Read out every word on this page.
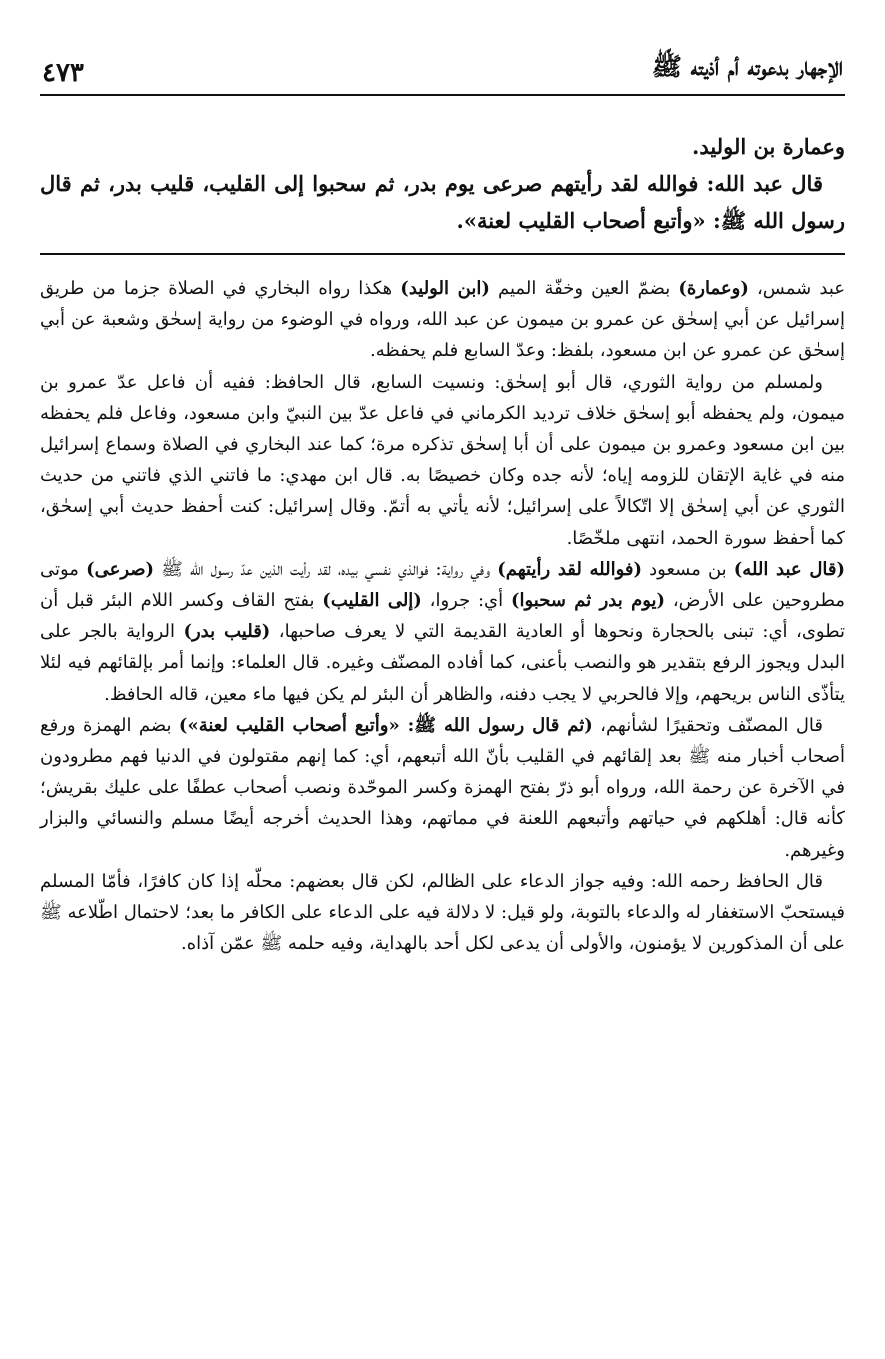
الإجهار بدعوته أم أذيته ﷺ
٤٧٣

وعمارة بن الوليد.

قال عبد الله: فوالله لقد رأيتهم صرعى يوم بدر، ثم سحبوا إلى القليب، قليب بدر، ثم قال رسول الله ﷺ: «وأتبع أصحاب القليب لعنة».

عبد شمس، (وعمارة) بضمّ العين وخفّة الميم (ابن الوليد) هكذا رواه البخاري في الصلاة جزما من طريق إسرائيل عن أبي إسحٰق عن عمرو بن ميمون عن عبد الله، ورواه في الوضوء من رواية إسحٰق وشعبة عن أبي إسحٰق عن عمرو عن ابن مسعود، بلفظ: وعدّ السابع فلم يحفظه.

ولمسلم من رواية الثوري، قال أبو إسحٰق: ونسيت السابع، قال الحافظ: ففيه أن فاعل عدّ عمرو بن ميمون، ولم يحفظه أبو إسحٰق خلاف ترديد الكرماني في فاعل عدّ بين النبيّ وابن مسعود، وفاعل فلم يحفظه بين ابن مسعود وعمرو بن ميمون على أن أبا إسحٰق تذكره مرة؛ كما عند البخاري في الصلاة وسماع إسرائيل منه في غاية الإتقان للزومه إياه؛ لأنه جده وكان خصيصًا به. قال ابن مهدي: ما فاتني الذي فاتني من حديث الثوري عن أبي إسحٰق إلا اتّكالاً على إسرائيل؛ لأنه يأتي به أتمّ. وقال إسرائيل: كنت أحفظ حديث أبي إسحٰق، كما أحفظ سورة الحمد، انتهى ملخّصًا.

(قال عبد الله) بن مسعود (فوالله لقد رأيتهم) وفي رواية: فوالذي نفسي بيده، لقد رأيت الذين عدّ رسول الله ﷺ (صرعى) موتى مطروحين على الأرض، (يوم بدر ثم سحبوا) أي: جروا، (إلى القليب) بفتح القاف وكسر اللام البئر قبل أن تطوى، أي: تبنى بالحجارة ونحوها أو العادية القديمة التي لا يعرف صاحبها، (قليب بدر) الرواية بالجر على البدل ويجوز الرفع بتقدير هو والنصب بأعنى، كما أفاده المصنّف وغيره. قال العلماء: وإنما أمر بإلقائهم فيه لئلا يتأذّى الناس بريحهم، وإلا فالحربي لا يجب دفنه، والظاهر أن البئر لم يكن فيها ماء معين، قاله الحافظ.

قال المصنّف وتحقيرًا لشأنهم، (ثم قال رسول الله ﷺ: «وأتبع أصحاب القليب لعنة») بضم الهمزة ورفع أصحاب أخبار منه ﷺ بعد إلقائهم في القليب بأنّ الله أتبعهم، أي: كما إنهم مقتولون في الدنيا فهم مطرودون في الآخرة عن رحمة الله، ورواه أبو ذرّ بفتح الهمزة وكسر الموحّدة ونصب أصحاب عطفًا على عليك بقريش؛ كأنه قال: أهلكهم في حياتهم وأتبعهم اللعنة في مماتهم، وهذا الحديث أخرجه أيضًا مسلم والنسائي والبزار وغيرهم.

قال الحافظ رحمه الله: وفيه جواز الدعاء على الظالم، لكن قال بعضهم: محلّه إذا كان كافرًا، فأمّا المسلم فيستحبّ الاستغفار له والدعاء بالتوبة، ولو قيل: لا دلالة فيه على الدعاء على الكافر ما بعد؛ لاحتمال اطّلاعه ﷺ على أن المذكورين لا يؤمنون، والأولى أن يدعى لكل أحد بالهداية، وفيه حلمه ﷺ عمّن آذاه.
